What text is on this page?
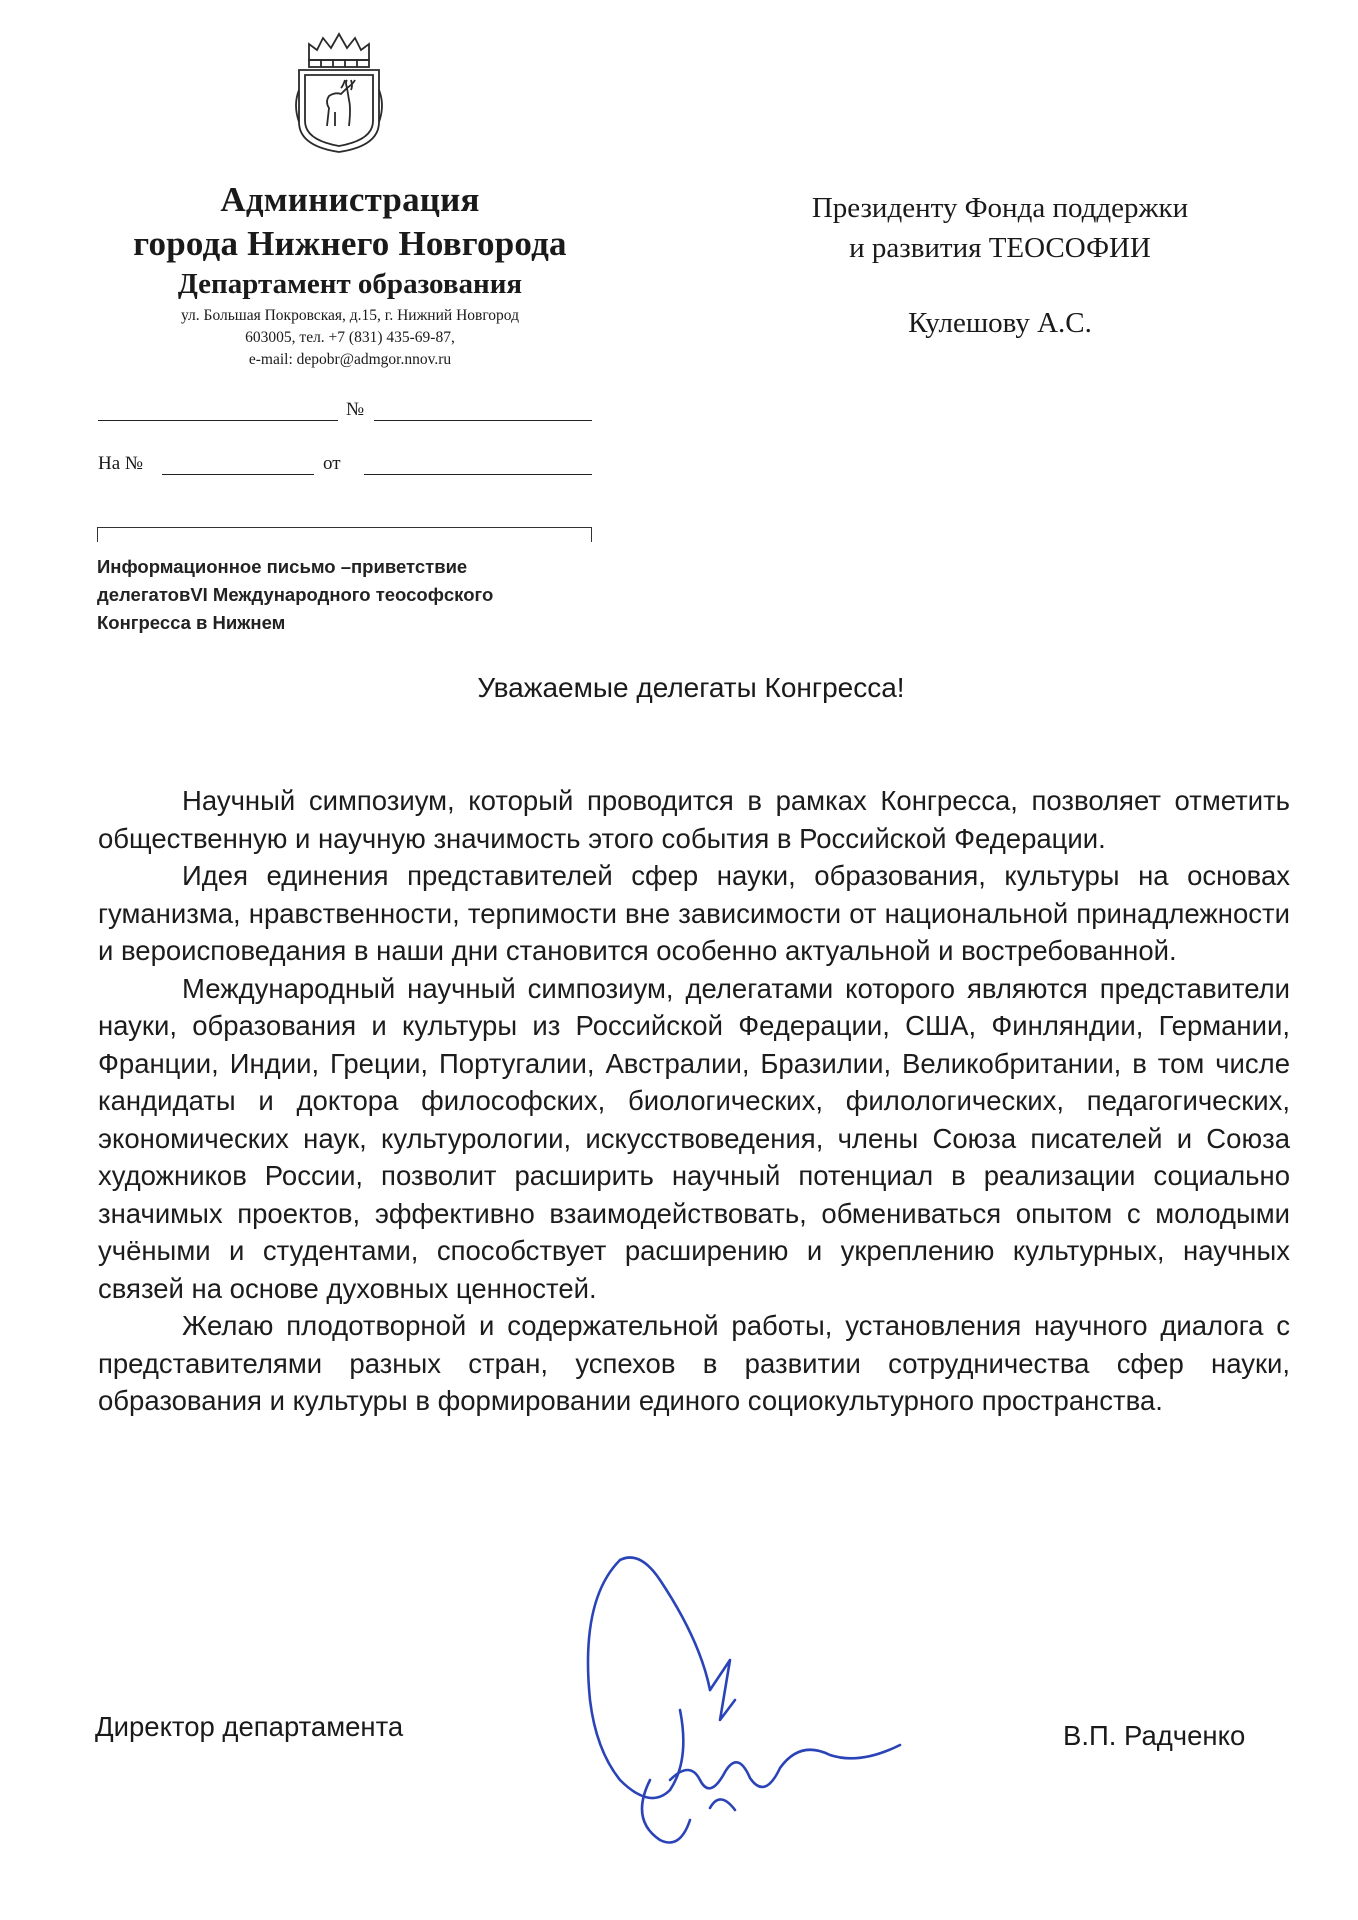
Администрация
города Нижнего Новгорода
Департамент образования
ул. Большая Покровская, д.15, г. Нижний Новгород
603005, тел. +7 (831) 435-69-87,
e-mail: depobr@admgor.nnov.ru
№
На №	от
Информационное письмо –приветствие
делегатовVI Международного теософского
Конгресса в Нижнем
Президенту Фонда поддержки
и развития ТЕОСОФИИ
Кулешову А.С.
Уважаемые делегаты Конгресса!

Научный симпозиум, который проводится в рамках Конгресса, позволяет отметить общественную и научную значимость этого события в Российской Федерации.

Идея единения представителей сфер науки, образования, культуры на основах гуманизма, нравственности, терпимости вне зависимости от национальной принадлежности и вероисповедания в наши дни становится особенно актуальной и востребованной.

Международный научный симпозиум, делегатами которого являются представители науки, образования и культуры из Российской Федерации, США, Финляндии, Германии, Франции, Индии, Греции, Португалии, Австралии, Бразилии, Великобритании, в том числе кандидаты и доктора философских, биологических, филологических, педагогических, экономических наук, культурологии, искусствоведения, члены Союза писателей и Союза художников России, позволит расширить научный потенциал в реализации социально значимых проектов, эффективно взаимодействовать, обмениваться опытом с молодыми учёными и студентами, способствует расширению и укреплению культурных, научных связей на основе духовных ценностей.

Желаю плодотворной и содержательной работы, установления научного диалога с представителями разных стран, успехов в развитии сотрудничества сфер науки, образования и культуры в формировании единого социокультурного пространства.

Директор департамента	В.П. Радченко
